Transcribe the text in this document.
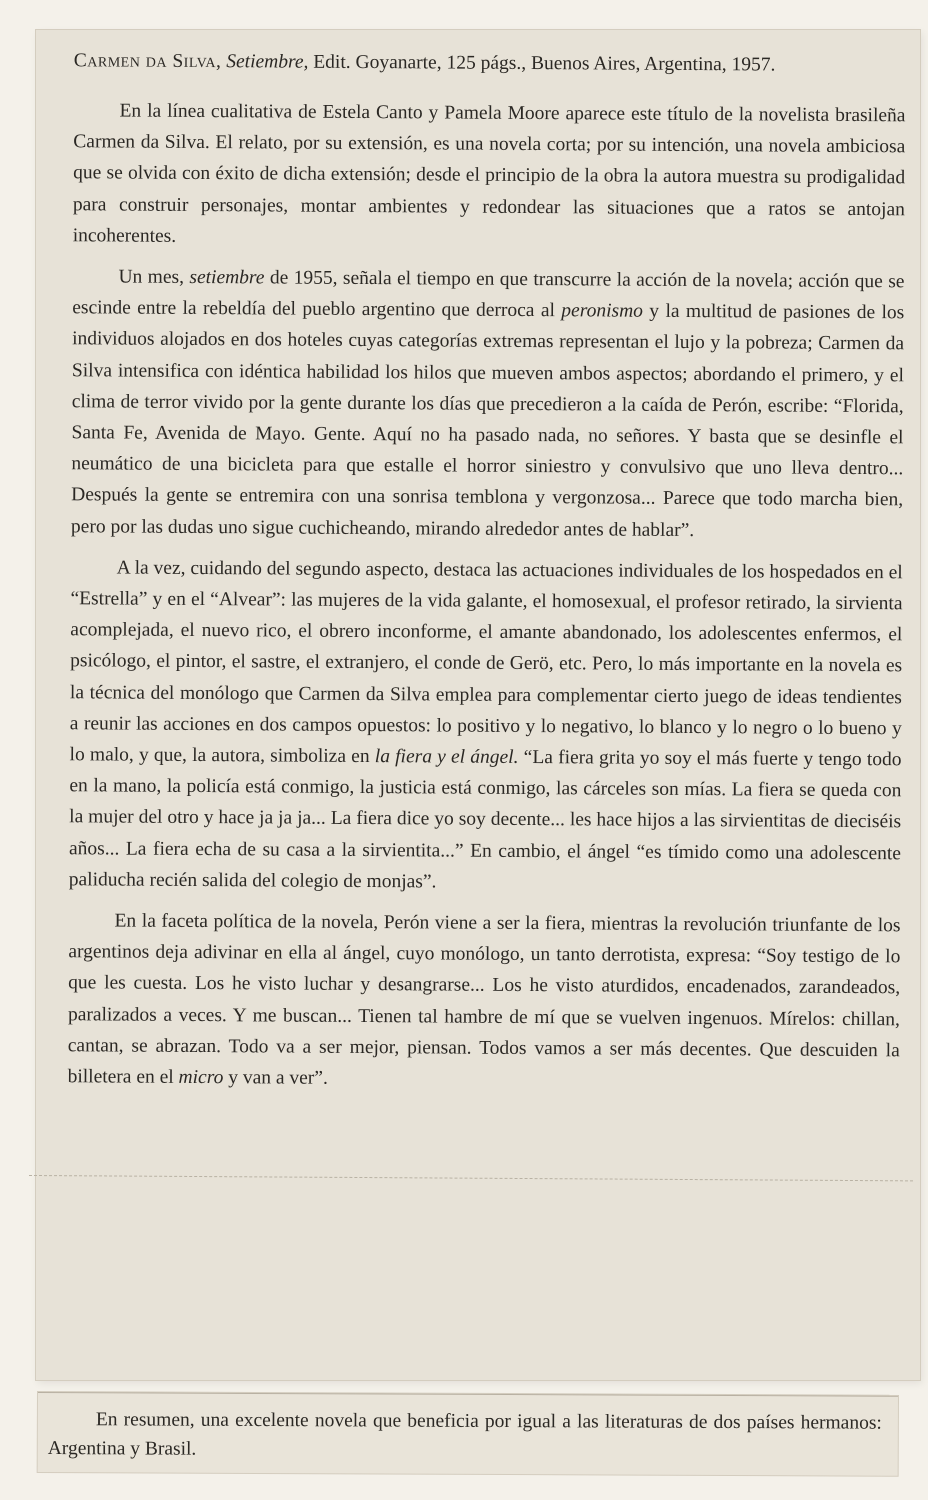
Carmen da Silva, Setiembre, Edit. Goyanarte, 125 págs., Buenos Aires, Argentina, 1957.

En la línea cualitativa de Estela Canto y Pamela Moore aparece este título de la novelista brasileña Carmen da Silva. El relato, por su extensión, es una novela corta; por su intención, una novela ambiciosa que se olvida con éxito de dicha extensión; desde el principio de la obra la autora muestra su prodigalidad para construir personajes, montar ambientes y redondear las situaciones que a ratos se antojan incoherentes.

Un mes, setiembre de 1955, señala el tiempo en que transcurre la acción de la novela; acción que se escinde entre la rebeldía del pueblo argentino que derroca al peronismo y la multitud de pasiones de los individuos alojados en dos hoteles cuyas categorías extremas representan el lujo y la pobreza; Carmen da Silva intensifica con idéntica habilidad los hilos que mueven ambos aspectos; abordando el primero, y el clima de terror vivido por la gente durante los días que precedieron a la caída de Perón, escribe: “Florida, Santa Fe, Avenida de Mayo. Gente. Aquí no ha pasado nada, no señores. Y basta que se desinfle el neumático de una bicicleta para que estalle el horror siniestro y convulsivo que uno lleva dentro... Después la gente se entremira con una sonrisa temblona y vergonzosa... Parece que todo marcha bien, pero por las dudas uno sigue cuchicheando, mirando alrededor antes de hablar”.

A la vez, cuidando del segundo aspecto, destaca las actuaciones individuales de los hospedados en el “Estrella” y en el “Alvear”: las mujeres de la vida galante, el homosexual, el profesor retirado, la sirvienta acomplejada, el nuevo rico, el obrero inconforme, el amante abandonado, los adolescentes enfermos, el psicólogo, el pintor, el sastre, el extranjero, el conde de Gerö, etc. Pero, lo más importante en la novela es la técnica del monólogo que Carmen da Silva emplea para complementar cierto juego de ideas tendientes a reunir las acciones en dos campos opuestos: lo positivo y lo negativo, lo blanco y lo negro o lo bueno y lo malo, y que, la autora, simboliza en la fiera y el ángel. “La fiera grita yo soy el más fuerte y tengo todo en la mano, la policía está conmigo, la justicia está conmigo, las cárceles son mías. La fiera se queda con la mujer del otro y hace ja ja ja... La fiera dice yo soy decente... les hace hijos a las sirvientitas de dieciséis años... La fiera echa de su casa a la sirvientita...” En cambio, el ángel “es tímido como una adolescente paliducha recién salida del colegio de monjas”.

En la faceta política de la novela, Perón viene a ser la fiera, mientras la revolución triunfante de los argentinos deja adivinar en ella al ángel, cuyo monólogo, un tanto derrotista, expresa: “Soy testigo de lo que les cuesta. Los he visto luchar y desangrarse... Los he visto aturdidos, encadenados, zarandeados, paralizados a veces. Y me buscan... Tienen tal hambre de mí que se vuelven ingenuos. Mírelos: chillan, cantan, se abrazan. Todo va a ser mejor, piensan. Todos vamos a ser más decentes. Que descuiden la billetera en el micro y van a ver”.

En resumen, una excelente novela que beneficia por igual a las literaturas de dos países hermanos: Argentina y Brasil.
